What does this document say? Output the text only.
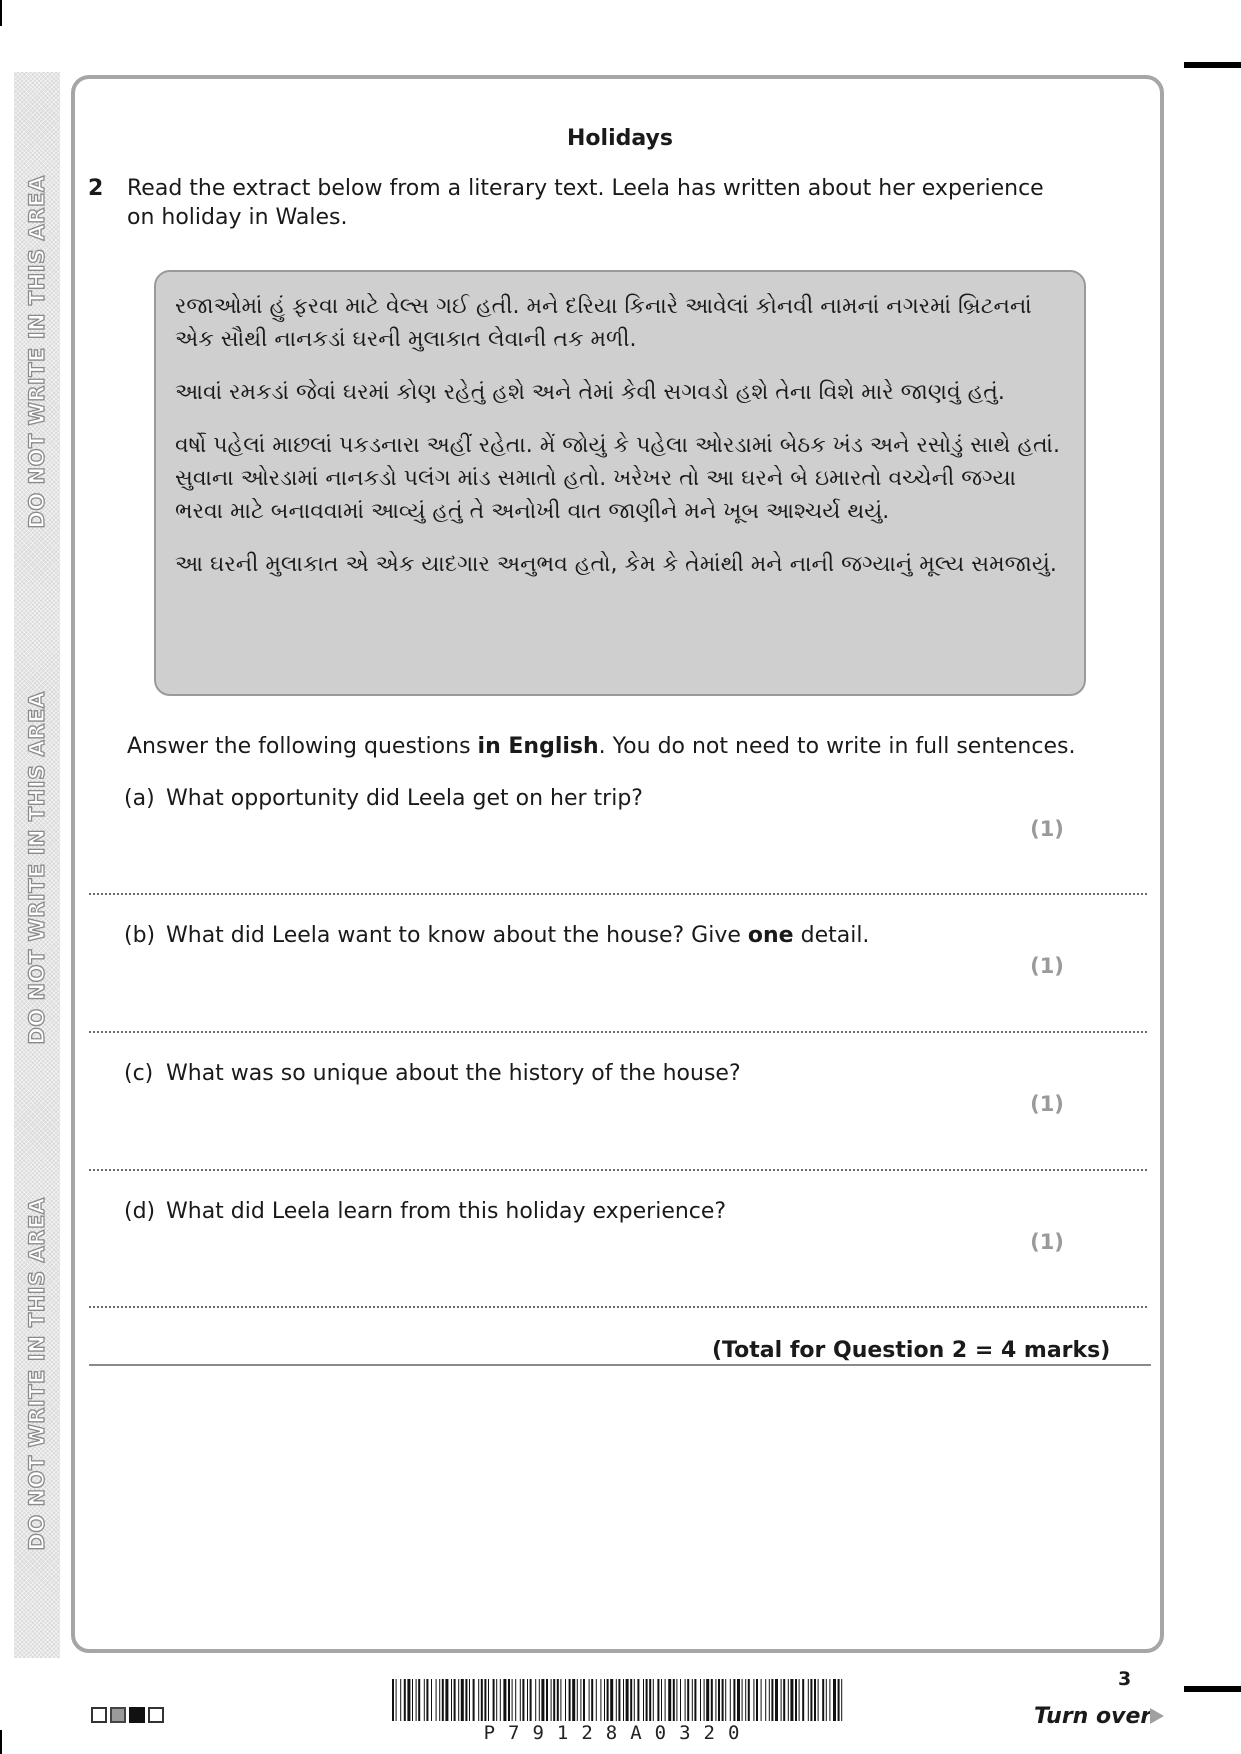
DO NOT WRITE IN THIS AREA
DO NOT WRITE IN THIS AREA
DO NOT WRITE IN THIS AREA
Holidays
2 Read the extract below from a literary text. Leela has written about her experience on holiday in Wales.

રજાઓમાં હું ફરવા માટે વેલ્સ ગઈ હતી. મને દરિયા કિનારે આવેલાં કોનવી નામનાં નગરમાં બ્રિટનનાં એક સૌથી નાનકડાં ઘરની મુલાકાત લેવાની તક મળી.

આવાં રમકડાં જેવાં ઘરમાં કોણ રહેતું હશે અને તેમાં કેવી સગવડો હશે તેના વિશે મારે જાણવું હતું.

વર્ષો પહેલાં માછલાં પકડનારા અહીં રહેતા. મેં જોયું કે પહેલા ઓરડામાં બેઠક ખંડ અને રસોડું સાથે હતાં. સુવાના ઓરડામાં નાનકડો પલંગ માંડ સમાતો હતો. ખરેખર તો આ ઘરને બે ઇમારતો વચ્ચેની જગ્યા ભરવા માટે બનાવવામાં આવ્યું હતું તે અનોખી વાત જાણીને મને ખૂબ આશ્ચર્ય થયું.

આ ઘરની મુલાકાત એ એક યાદગાર અનુભવ હતો, કેમ કે તેમાંથી મને નાની જગ્યાનું મૂલ્ય સમજાયું.

Answer the following questions in English. You do not need to write in full sentences.
(a) What opportunity did Leela get on her trip?
(1)
(b) What did Leela want to know about the house? Give one detail.
(1)
(c) What was so unique about the history of the house?
(1)
(d) What did Leela learn from this holiday experience?
(1)
(Total for Question 2 = 4 marks)
P79128A0320
3
Turn over
